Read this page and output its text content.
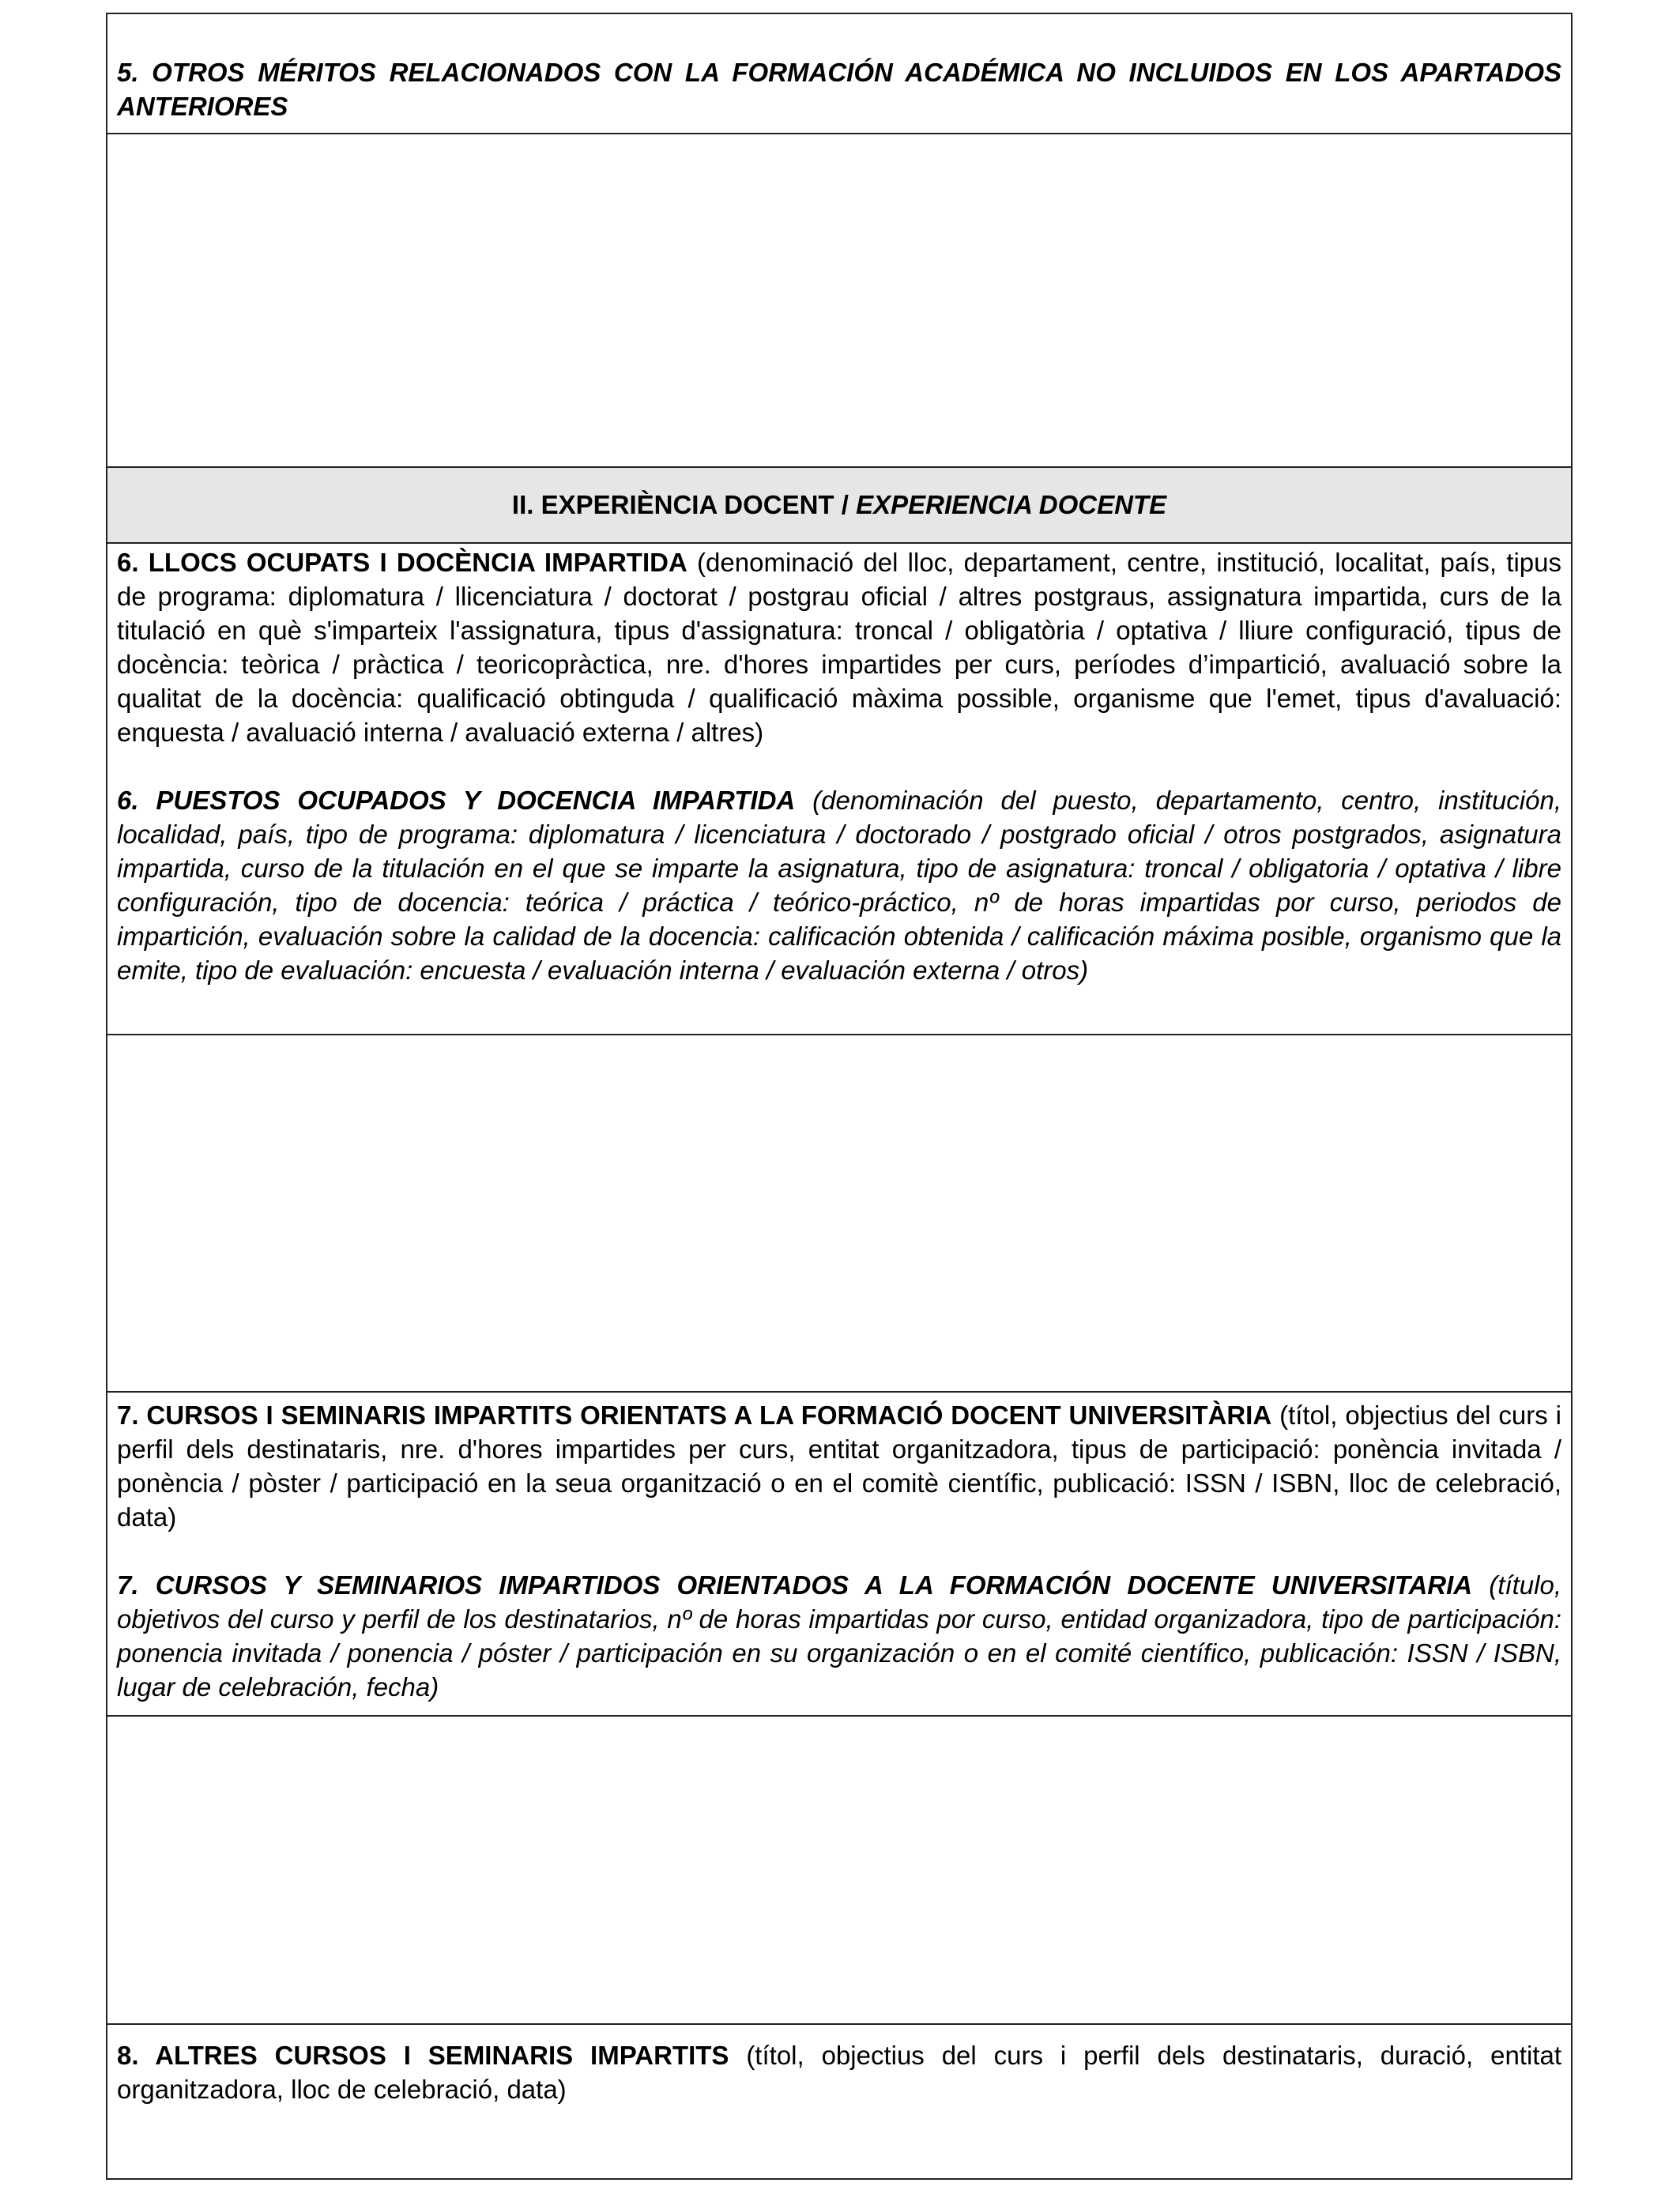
5. OTROS MÉRITOS RELACIONADOS CON LA FORMACIÓN ACADÉMICA NO INCLUIDOS EN LOS APARTADOS ANTERIORES
II. EXPERIÈNCIA DOCENT / EXPERIENCIA DOCENTE
6. LLOCS OCUPATS I DOCÈNCIA IMPARTIDA (denominació del lloc, departament, centre, institució, localitat, país, tipus de programa: diplomatura / llicenciatura / doctorat / postgrau oficial / altres postgraus, assignatura impartida, curs de la titulació en què s'imparteix l'assignatura, tipus d'assignatura: troncal / obligatòria / optativa / lliure configuració, tipus de docència: teòrica / pràctica / teoricopràctica, nre. d'hores impartides per curs, períodes d’impartició, avaluació sobre la qualitat de la docència: qualificació obtinguda / qualificació màxima possible, organisme que l'emet, tipus d'avaluació: enquesta / avaluació interna / avaluació externa / altres)
6. PUESTOS OCUPADOS Y DOCENCIA IMPARTIDA (denominación del puesto, departamento, centro, institución, localidad, país, tipo de programa: diplomatura / licenciatura / doctorado / postgrado oficial / otros postgrados, asignatura impartida, curso de la titulación en el que se imparte la asignatura, tipo de asignatura: troncal / obligatoria / optativa / libre configuración, tipo de docencia: teórica / práctica / teórico-práctico, nº de horas impartidas por curso, periodos de impartición, evaluación sobre la calidad de la docencia: calificación obtenida / calificación máxima posible, organismo que la emite, tipo de evaluación: encuesta / evaluación interna / evaluación externa / otros)
7. CURSOS I SEMINARIS IMPARTITS ORIENTATS A LA FORMACIÓ DOCENT UNIVERSITÀRIA (títol, objectius del curs i perfil dels destinataris, nre. d'hores impartides per curs, entitat organitzadora, tipus de participació: ponència invitada / ponència / pòster / participació en la seua organització o en el comitè científic, publicació: ISSN / ISBN, lloc de celebració, data)
7. CURSOS Y SEMINARIOS IMPARTIDOS ORIENTADOS A LA FORMACIÓN DOCENTE UNIVERSITARIA (título, objetivos del curso y perfil de los destinatarios, nº de horas impartidas por curso, entidad organizadora, tipo de participación: ponencia invitada / ponencia / póster / participación en su organización o en el comité científico, publicación: ISSN / ISBN, lugar de celebración, fecha)
8. ALTRES CURSOS I SEMINARIS IMPARTITS (títol, objectius del curs i perfil dels destinataris, duració, entitat organitzadora, lloc de celebració, data)
